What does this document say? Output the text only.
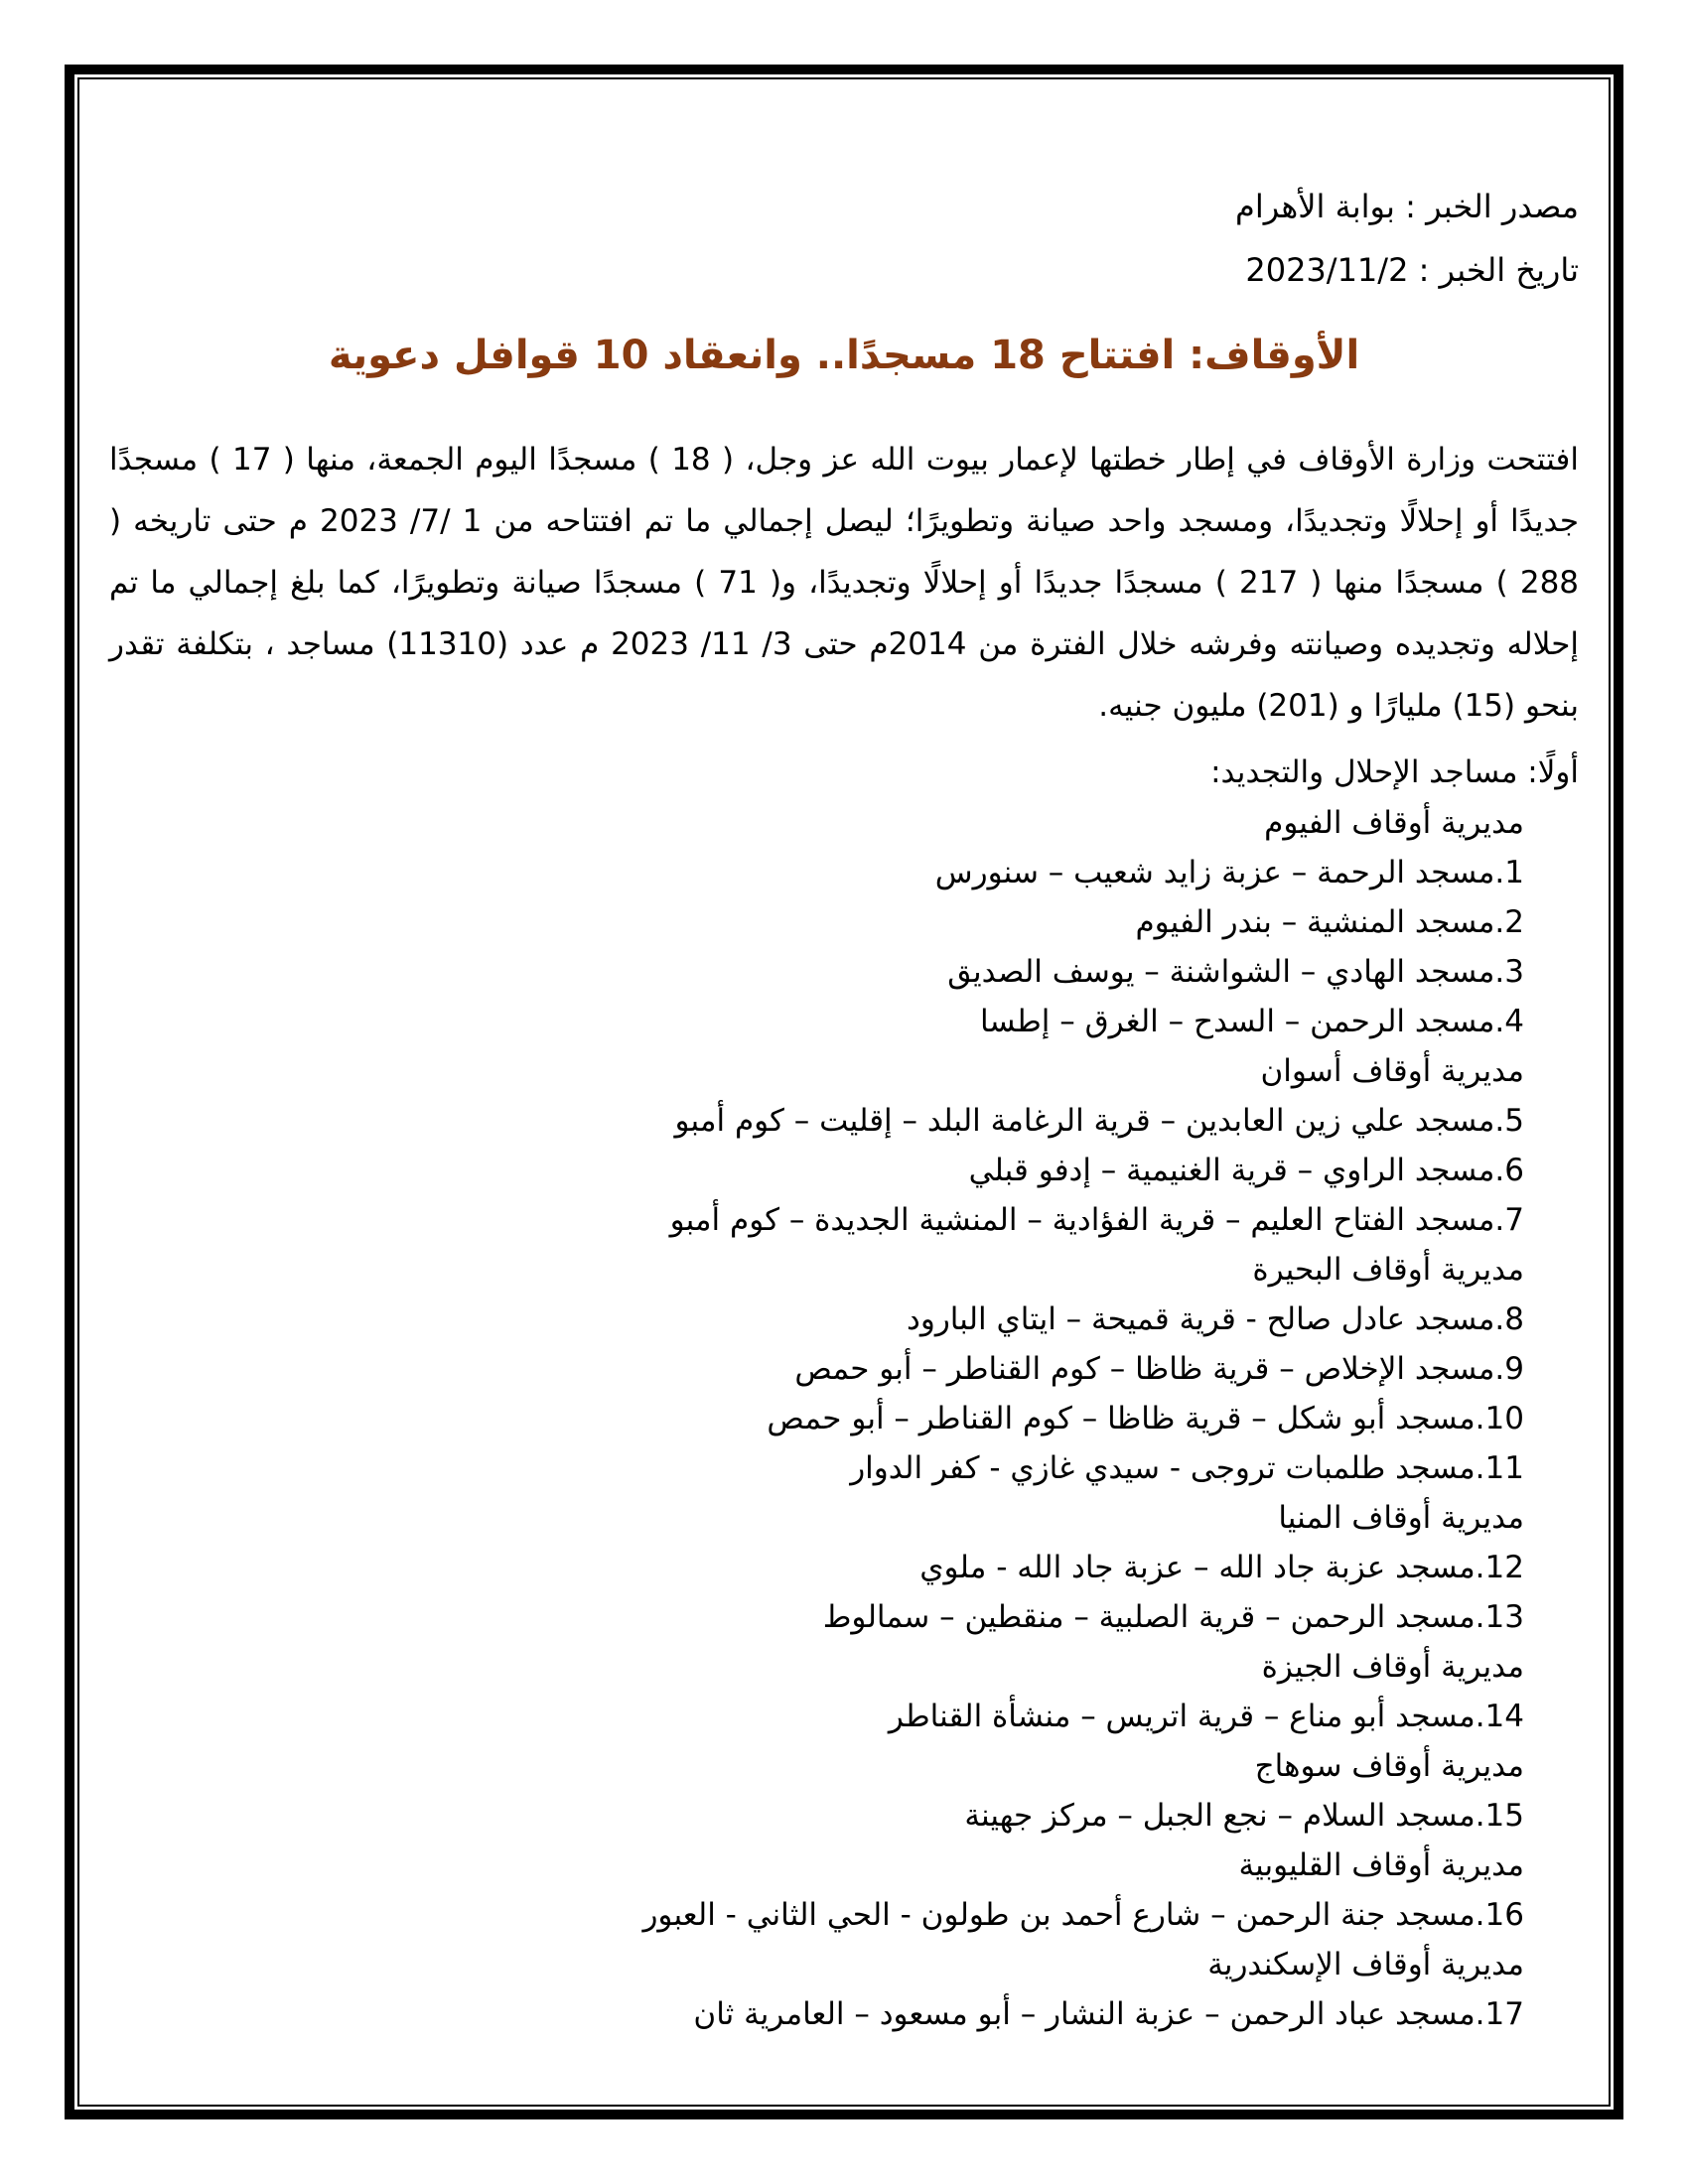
مصدر الخبر : بوابة الأهرام
تاريخ الخبر : 2023/11/2
الأوقاف: افتتاح 18 مسجدًا.. وانعقاد 10 قوافل دعوية

افتتحت وزارة الأوقاف في إطار خطتها لإعمار بيوت الله عز وجل، ( 18 ) مسجدًا اليوم الجمعة، منها ( 17 ) مسجدًا جديدًا أو إحلالًا وتجديدًا، ومسجد واحد صيانة وتطويرًا؛ ليصل إجمالي ما تم افتتاحه من 1 /7/ 2023 م حتى تاريخه ( 288 ) مسجدًا منها ( 217 ) مسجدًا جديدًا أو إحلالًا وتجديدًا، و( 71 ) مسجدًا صيانة وتطويرًا، كما بلغ إجمالي ما تم إحلاله وتجديده وصيانته وفرشه خلال الفترة من 2014م حتى 3/ 11/ 2023 م عدد (11310) مساجد ، بتكلفة تقدر بنحو (15) مليارًا و (201) مليون جنيه.

أولًا: مساجد الإحلال والتجديد:
مديرية أوقاف الفيوم
1.مسجد الرحمة – عزبة زايد شعيب – سنورس
2.مسجد المنشية – بندر الفيوم
3.مسجد الهادي – الشواشنة – يوسف الصديق
4.مسجد الرحمن – السدح – الغرق – إطسا
مديرية أوقاف أسوان
5.مسجد علي زين العابدين – قرية الرغامة البلد – إقليت – كوم أمبو
6.مسجد الراوي – قرية الغنيمية – إدفو قبلي
7.مسجد الفتاح العليم – قرية الفؤادية – المنشية الجديدة – كوم أمبو
مديرية أوقاف البحيرة
8.مسجد عادل صالح - قرية قميحة – ايتاي البارود
9.مسجد الإخلاص – قرية ظاظا – كوم القناطر – أبو حمص
10.مسجد أبو شكل – قرية ظاظا – كوم القناطر – أبو حمص
11.مسجد طلمبات تروجى - سيدي غازي - كفر الدوار
مديرية أوقاف المنيا
12.مسجد عزبة جاد الله – عزبة جاد الله - ملوي
13.مسجد الرحمن – قرية الصلبية – منقطين – سمالوط
مديرية أوقاف الجيزة
14.مسجد أبو مناع – قرية اتريس – منشأة القناطر
مديرية أوقاف سوهاج
15.مسجد السلام – نجع الجبل – مركز جهينة
مديرية أوقاف القليوبية
16.مسجد جنة الرحمن – شارع أحمد بن طولون - الحي الثاني - العبور
مديرية أوقاف الإسكندرية
17.مسجد عباد الرحمن – عزبة النشار – أبو مسعود – العامرية ثان
